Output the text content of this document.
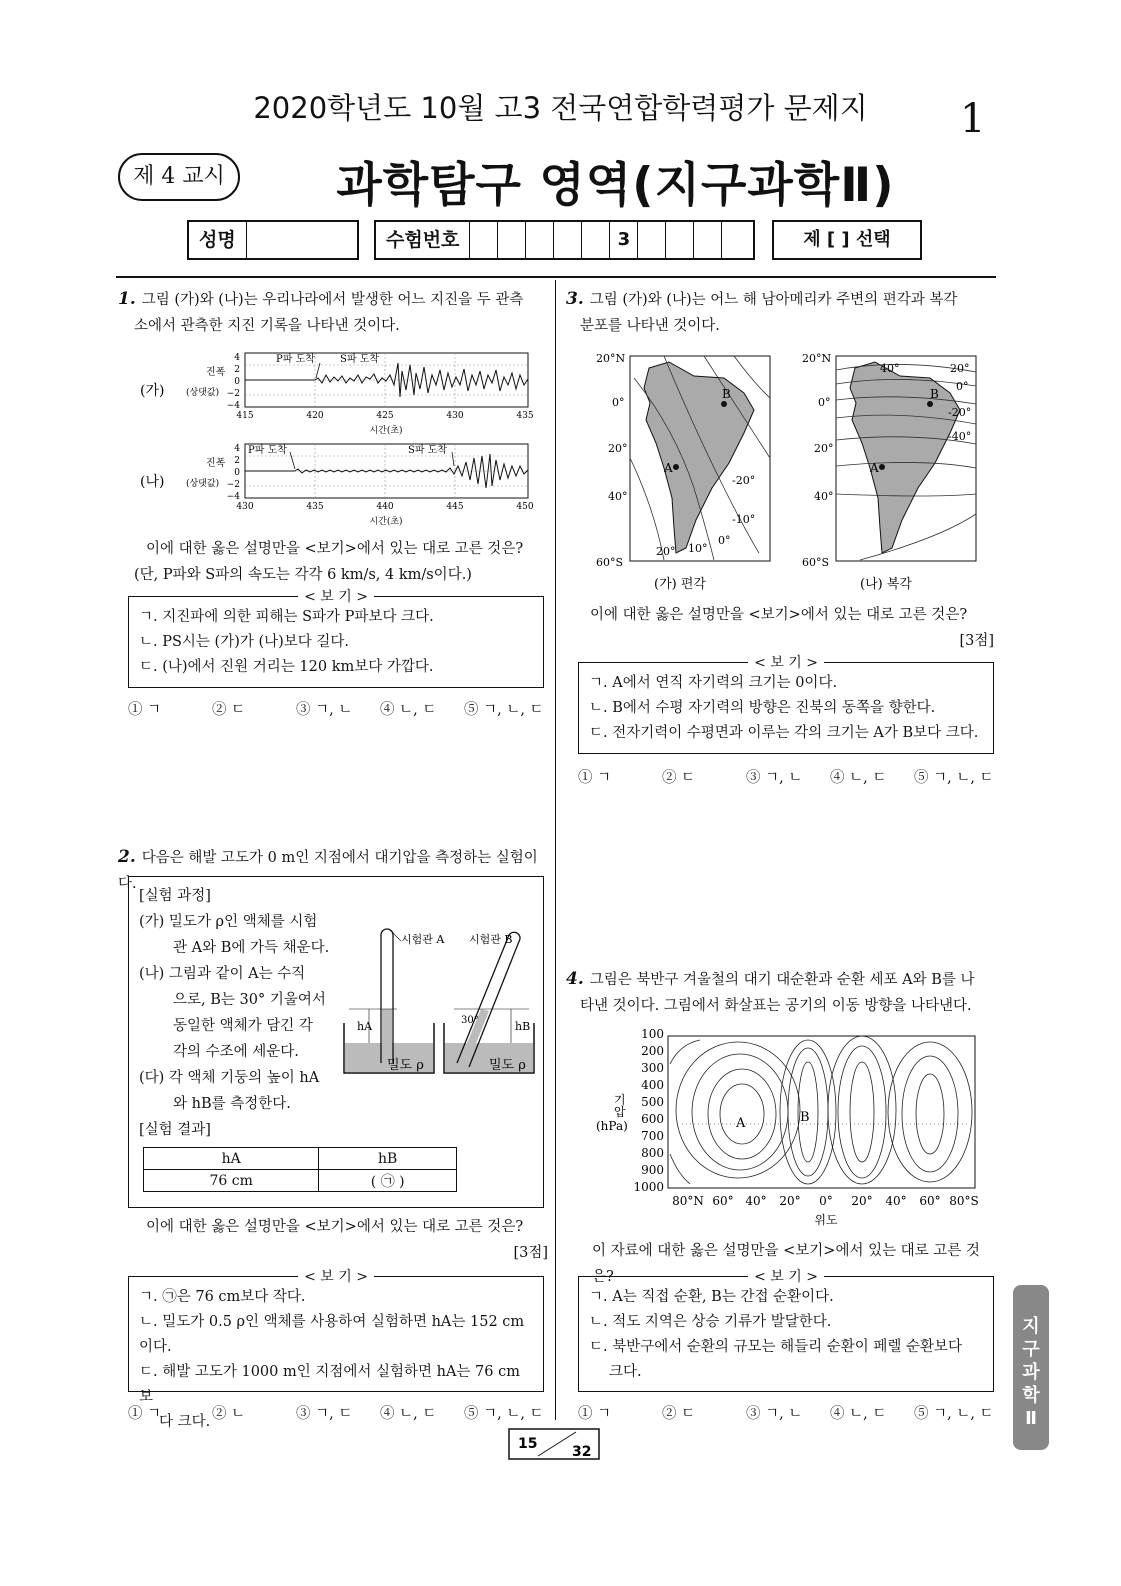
2020학년도 10월 고3 전국연합학력평가 문제지	1
제 4 교시	과학탐구 영역(지구과학Ⅱ)
성명	수험번호	3	제 [ ] 선택
1. 그림 (가)와 (나)는 우리나라에서 발생한 어느 지진을 두 관측
소에서 관측한 지진 기록을 나타낸 것이다.
(가)
진폭
(상댓값)
4
2
0
−2
−4
P파 도착	S파 도착
415	420	425	430	435
시간(초)
(나)
진폭
(상댓값)
4
2
0
−2
−4
P파 도착	S파 도착
430	435	440	445	450
시간(초)
이에 대한 옳은 설명만을 <보기>에서 있는 대로 고른 것은?
(단, P파와 S파의 속도는 각각 6 km/s, 4 km/s이다.)
< 보 기 >

ㄱ. 지진파에 의한 피해는 S파가 P파보다 크다.

ㄴ. PS시는 (가)가 (나)보다 길다.

ㄷ. (나)에서 진원 거리는 120 km보다 가깝다.

① ㄱ	② ㄷ	③ ㄱ, ㄴ	④ ㄴ, ㄷ	⑤ ㄱ, ㄴ, ㄷ
2. 다음은 해발 고도가 0 m인 지점에서 대기압을 측정하는 실험이다.
[실험 과정]
(가) 밀도가 ρ인 액체를 시험
관 A와 B에 가득 채운다.
(나) 그림과 같이 A는 수직
으로, B는 30° 기울여서
동일한 액체가 담긴 각
각의 수조에 세운다.
(다) 각 액체 기둥의 높이 hA
와 hB를 측정한다.
hA
시험관 A
밀도 ρ
hB
30°
시험관 B
밀도 ρ
[실험 결과]
hA	hB
76 cm	( ㉠ )
이에 대한 옳은 설명만을 <보기>에서 있는 대로 고른 것은?
[3점]
< 보 기 >

ㄱ. ㉠은 76 cm보다 작다.

ㄴ. 밀도가 0.5 ρ인 액체를 사용하여 실험하면 hA는 152 cm이다.

ㄷ. 해발 고도가 1000 m인 지점에서 실험하면 hA는 76 cm보

다 크다.

① ㄱ	② ㄴ	③ ㄱ, ㄷ	④ ㄴ, ㄷ	⑤ ㄱ, ㄴ, ㄷ
3. 그림 (가)와 (나)는 어느 해 남아메리카 주변의 편각과 복각
분포를 나타낸 것이다.
20°N
0°
20°
40°
60°S
A
B
-20°
-10°
0°
20° 10°
(가) 편각
20°N
0°
20°
40°
60°S
A
B
40°	20°
0°
-20°
-40°
(나) 복각
이에 대한 옳은 설명만을 <보기>에서 있는 대로 고른 것은?
[3점]
< 보 기 >

ㄱ. A에서 연직 자기력의 크기는 0이다.

ㄴ. B에서 수평 자기력의 방향은 진북의 동쪽을 향한다.

ㄷ. 전자기력이 수평면과 이루는 각의 크기는 A가 B보다 크다.

① ㄱ	② ㄷ	③ ㄱ, ㄴ	④ ㄴ, ㄷ	⑤ ㄱ, ㄴ, ㄷ
4. 그림은 북반구 겨울철의 대기 대순환과 순환 세포 A와 B를 나
타낸 것이다. 그림에서 화살표는 공기의 이동 방향을 나타낸다.
100
200
300
400
500
600
700
800
900
1000
기
압
(hPa)	A	B
80°N 60° 40° 20° 0° 20° 40° 60° 80°S
위도
이 자료에 대한 옳은 설명만을 <보기>에서 있는 대로 고른 것은?	< 보 기 >

ㄱ. A는 직접 순환, B는 간접 순환이다.

ㄴ. 적도 지역은 상승 기류가 발달한다.

ㄷ. 북반구에서 순환의 규모는 해들리 순환이 페렐 순환보다

크다.

① ㄱ	② ㄷ	③ ㄱ, ㄴ	④ ㄴ, ㄷ	⑤ ㄱ, ㄴ, ㄷ
15 32
지
구
과
학
Ⅱ
